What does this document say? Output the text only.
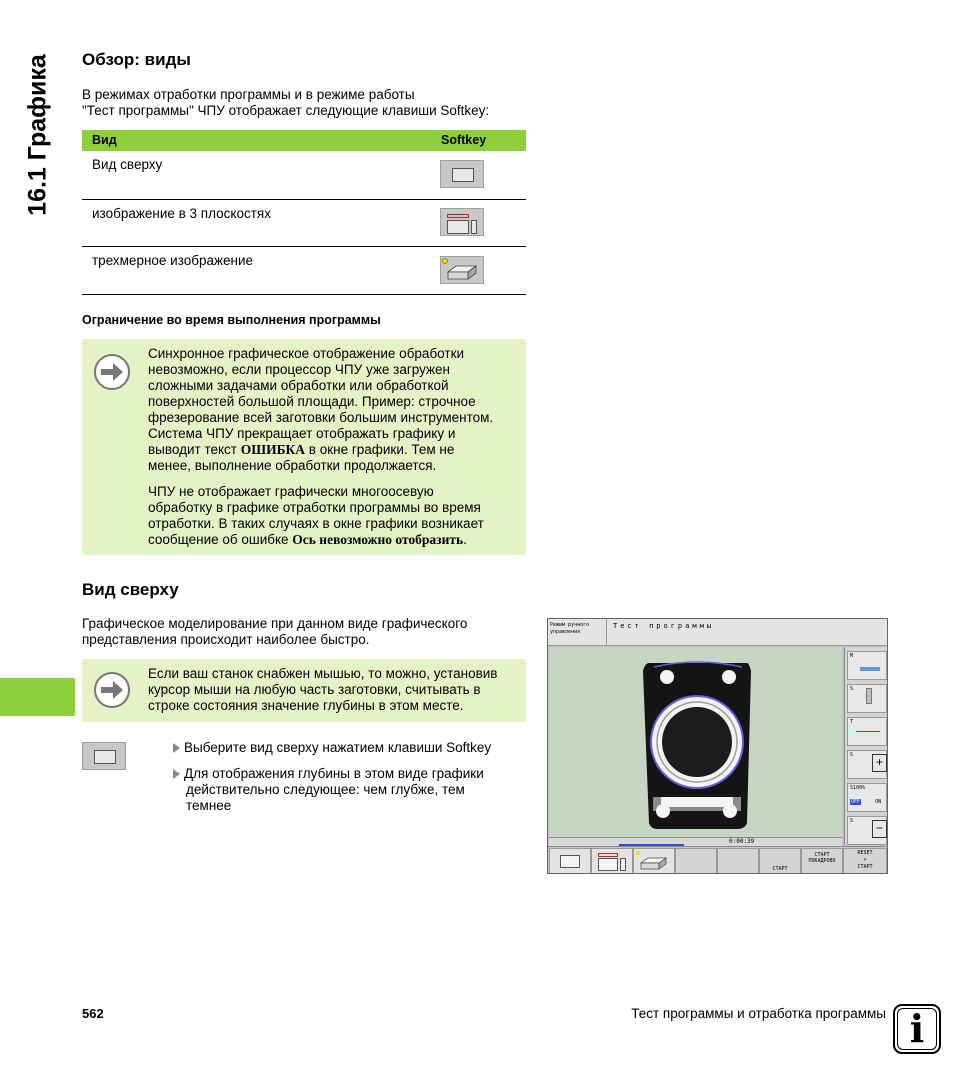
16.1 Графика Обзор: виды

В режимах отработки программы и в режиме работы

"Тест программы" ЧПУ отображает следующие клавиши Softkey:

Вид	Softkey
Вид сверху
изображение в 3 плоскостях
трехмерное изображение

Ограничение во время выполнения программы

Синхронное графическое отображение обработки
невозможно, если процессор ЧПУ уже загружен
сложными задачами обработки или обработкой
поверхностей большой площади. Пример: строчное
фрезерование всей заготовки большим инструментом.
Система ЧПУ прекращает отображать графику и
выводит текст ОШИБКА в окне графики. Тем не
менее, выполнение обработки продолжается.
ЧПУ не отображает графически многоосевую
обработку в графике отработки программы во время
отработки. В таких случаях в окне графики возникает
сообщение об ошибке Ось невозможно отобразить.
Вид сверху

Графическое моделирование при данном виде графического

представления происходит наиболее быстро.

Если ваш станок снабжен мышью, то можно, установив
курсор мыши на любую часть заготовки, считывать в
строке состояния значение глубины в этом месте.
Выберите вид сверху нажатием клавиши Softkey
Для отображения глубины в этом виде графики
действительно следующее: чем глубже, тем
темнее
Режим ручного
управления
Тест программы
0:00:39
M
S
T
S	+
S100%
OFF	ON
S	−
$_{СТАРТ}$
СТАРТ
ПОКАДРОВО
RESET
+
СТАРТ
562	Тест программы и отработка программы i
